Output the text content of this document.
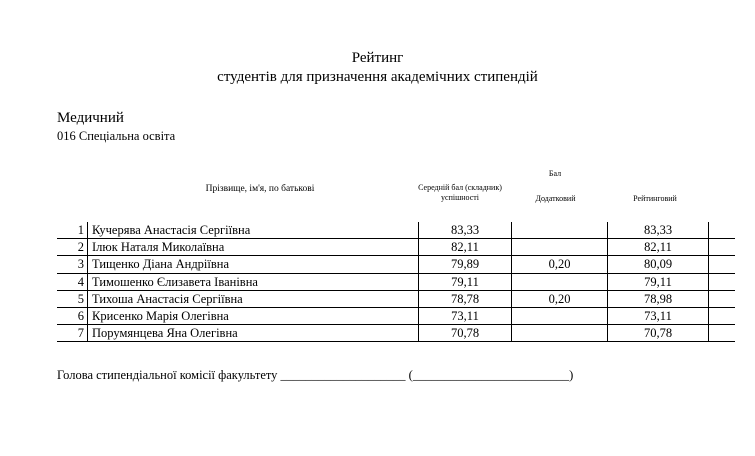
Рейтинг
студентів для призначення академічних стипендій
Медичний
016 Спеціальна освіта
Прізвище, ім'я, по батькові
Бал
Середній бал (складник) успішності	Додатковий	Рейтинговий
1	Кучерява Анастасія Сергіївна	83,33		83,33	
2	Ілюк Наталя Миколаївна	82,11		82,11	
3	Тищенко Діана Андріївна	79,89	0,20	80,09	
4	Тимошенко Єлизавета Іванівна	79,11		79,11	
5	Тихоша Анастасія Сергіївна	78,78	0,20	78,98	
6	Крисенко Марія Олегівна	73,11		73,11	
7	Порумянцева Яна Олегівна	70,78		70,78	
Голова стипендіальної комісії факультету ____________________ (_________________________)
